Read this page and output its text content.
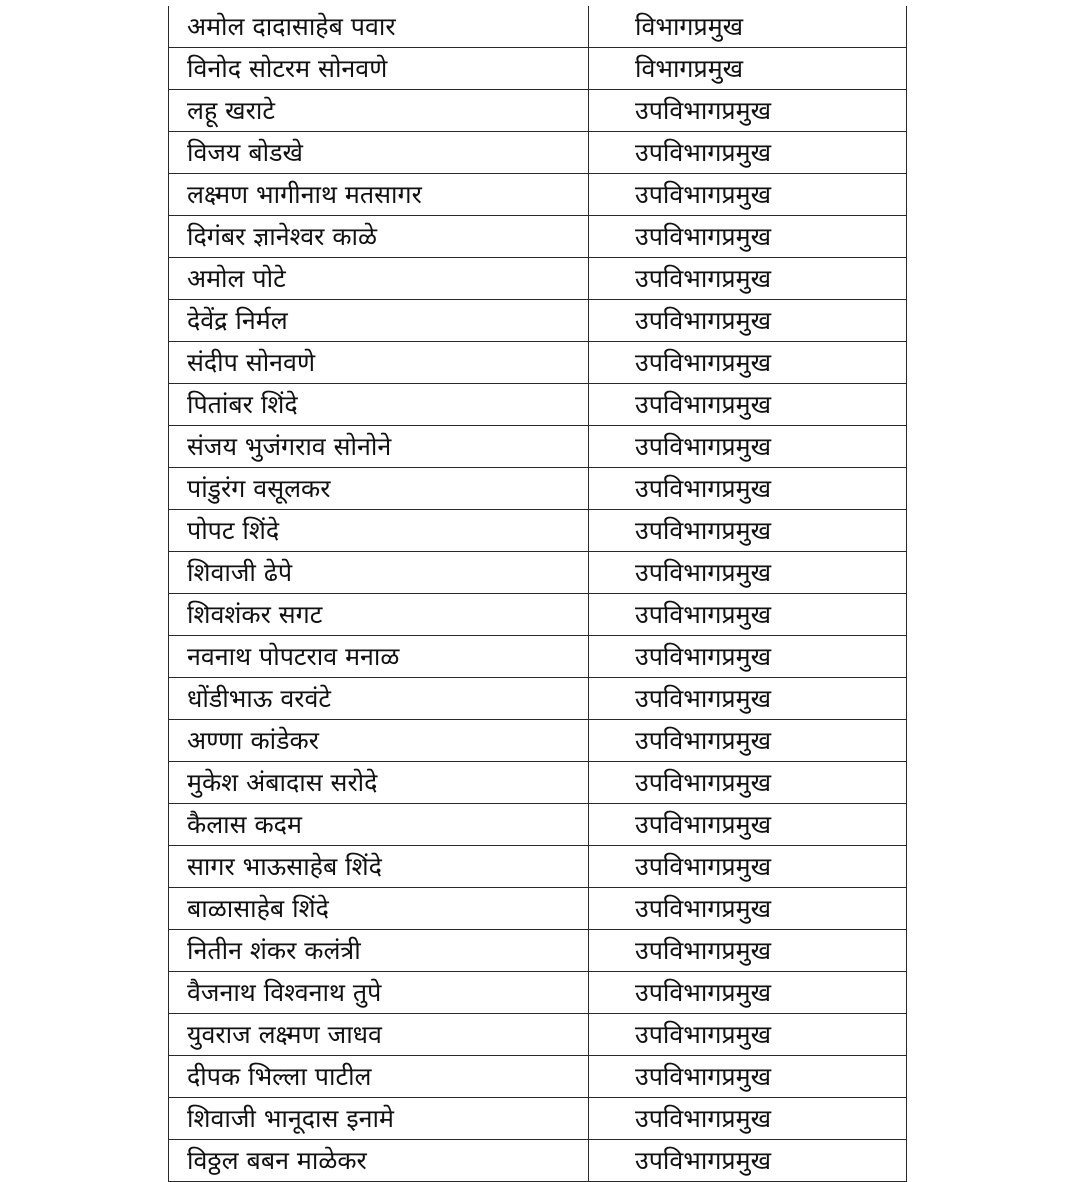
अमोल दादासाहेब पवार	विभागप्रमुख
विनोद सोटरम सोनवणे	विभागप्रमुख
लहू खराटे	उपविभागप्रमुख
विजय बोडखे	उपविभागप्रमुख
लक्ष्मण भागीनाथ मतसागर	उपविभागप्रमुख
दिगंबर ज्ञानेश्वर काळे	उपविभागप्रमुख
अमोल पोटे	उपविभागप्रमुख
देवेंद्र निर्मल	उपविभागप्रमुख
संदीप सोनवणे	उपविभागप्रमुख
पितांबर शिंदे	उपविभागप्रमुख
संजय भुजंगराव सोनोने	उपविभागप्रमुख
पांडुरंग वसूलकर	उपविभागप्रमुख
पोपट शिंदे	उपविभागप्रमुख
शिवाजी ढेपे	उपविभागप्रमुख
शिवशंकर सगट	उपविभागप्रमुख
नवनाथ पोपटराव मनाळ	उपविभागप्रमुख
धोंडीभाऊ वरवंटे	उपविभागप्रमुख
अण्णा कांडेकर	उपविभागप्रमुख
मुकेश अंबादास सरोदे	उपविभागप्रमुख
कैलास कदम	उपविभागप्रमुख
सागर भाऊसाहेब शिंदे	उपविभागप्रमुख
बाळासाहेब शिंदे	उपविभागप्रमुख
नितीन शंकर कलंत्री	उपविभागप्रमुख
वैजनाथ विश्वनाथ तुपे	उपविभागप्रमुख
युवराज लक्ष्मण जाधव	उपविभागप्रमुख
दीपक भिल्ला पाटील	उपविभागप्रमुख
शिवाजी भानूदास इनामे	उपविभागप्रमुख
विठ्ठल बबन माळेकर	उपविभागप्रमुख
